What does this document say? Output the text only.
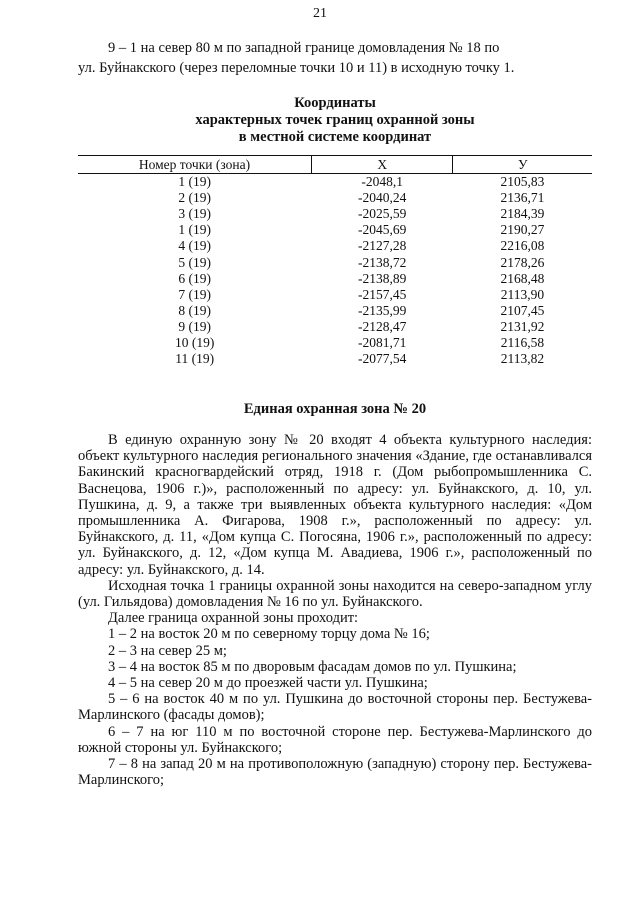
21
9 – 1 на север 80 м по западной границе домовладения № 18 по
ул. Буйнакского (через переломные точки 10 и 11) в исходную точку 1.
Координаты
характерных точек границ охранной зоны
в местной системе координат
Номер точки (зона)	Х	У
1 (19)	-2048,1	2105,83
2 (19)	-2040,24	2136,71
3 (19)	-2025,59	2184,39
1 (19)	-2045,69	2190,27
4 (19)	-2127,28	2216,08
5 (19)	-2138,72	2178,26
6 (19)	-2138,89	2168,48
7 (19)	-2157,45	2113,90
8 (19)	-2135,99	2107,45
9 (19)	-2128,47	2131,92
10 (19)	-2081,71	2116,58
11 (19)	-2077,54	2113,82
Единая охранная зона № 20

В единую охранную зону № 20 входят 4 объекта культурного наследия: объект культурного наследия регионального значения «Здание, где останавливался Бакинский красногвардейский отряд, 1918 г. (Дом рыбопромышленника С. Васнецова, 1906 г.)», расположенный по адресу: ул. Буйнакского, д. 10, ул. Пушкина, д. 9, а также три выявленных объекта культурного наследия: «Дом промышленника А. Фигарова, 1908 г.», расположенный по адресу: ул. Буйнакского, д. 11, «Дом купца С. Погосяна, 1906 г.», расположенный по адресу: ул. Буйнакского, д. 12, «Дом купца М. Авадиева, 1906 г.», расположенный по адресу: ул. Буйнакского, д. 14.

Исходная точка 1 границы охранной зоны находится на северо-западном углу (ул. Гильядова) домовладения № 16 по ул. Буйнакского.

Далее граница охранной зоны проходит:

1 – 2 на восток 20 м по северному торцу дома № 16;

2 – 3 на север 25 м;

3 – 4 на восток 85 м по дворовым фасадам домов по ул. Пушкина;

4 – 5 на север 20 м до проезжей части ул. Пушкина;

5 – 6 на восток 40 м по ул. Пушкина до восточной стороны пер. Бестужева-Марлинского (фасады домов);

6 – 7 на юг 110 м по восточной стороне пер. Бестужева-Марлинского до южной стороны ул. Буйнакского;

7 – 8 на запад 20 м на противоположную (западную) сторону пер. Бестужева-Марлинского;
